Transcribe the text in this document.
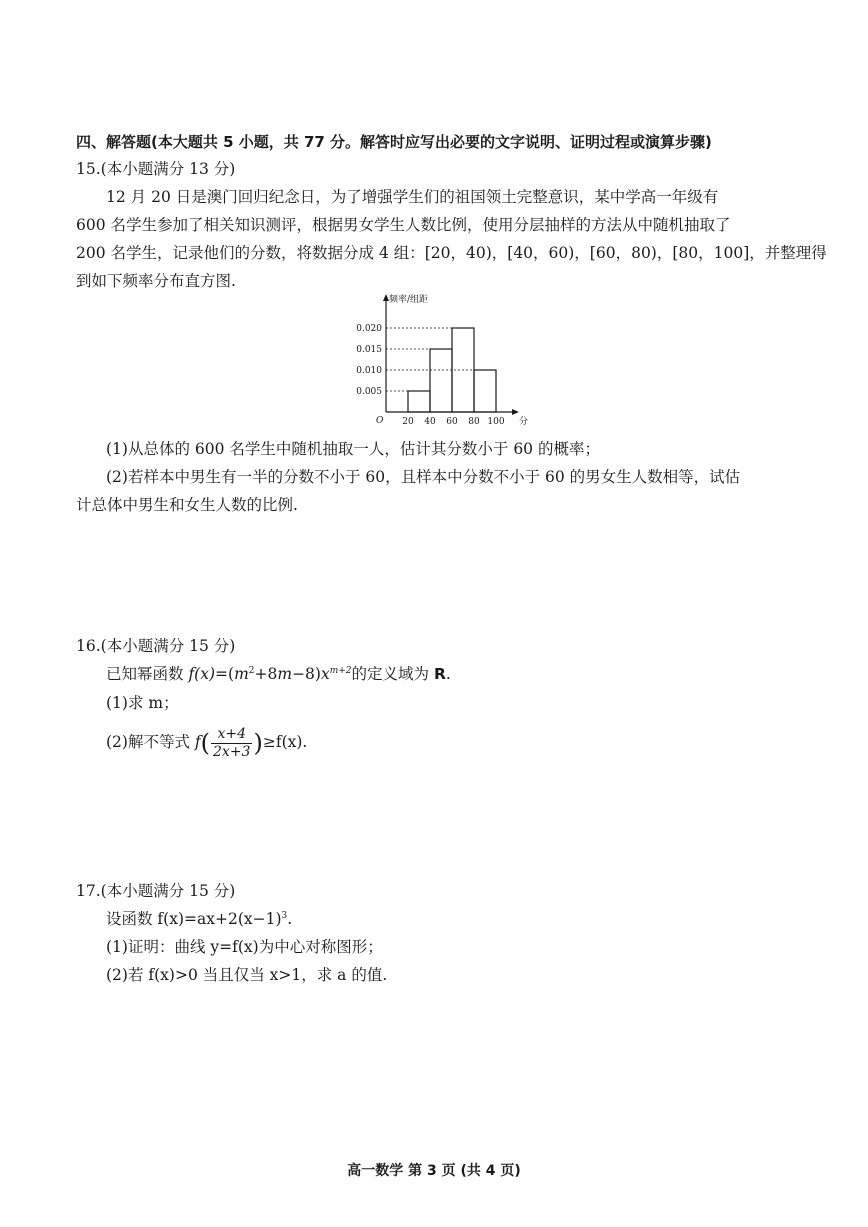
四、解答题(本大题共 5 小题，共 77 分。解答时应写出必要的文字说明、证明过程或演算步骤)
15.(本小题满分 13 分)
12 月 20 日是澳门回归纪念日，为了增强学生们的祖国领土完整意识，某中学高一年级有
600 名学生参加了相关知识测评，根据男女学生人数比例，使用分层抽样的方法从中随机抽取了
200 名学生，记录他们的分数，将数据分成 4 组：[20，40)，[40，60)，[60，80)，[80，100]，并整理得
到如下频率分布直方图.
频率/组距
分
O 20 40 60 80 100
0.005
0.010
0.015
0.020
(1)从总体的 600 名学生中随机抽取一人，估计其分数小于 60 的概率；
(2)若样本中男生有一半的分数不小于 60，且样本中分数不小于 60 的男女生人数相等，试估
计总体中男生和女生人数的比例.
16.(本小题满分 15 分)
已知幂函数 $f(x)=(m^2+8m-8)x^{m+2}$的定义域为 R.
(1)求 m；
(2)解不等式 $f( \frac{x+4}{2x+3} )\ge f(x)$.
17.(本小题满分 15 分)
设函数 $f(x)=ax+2(x-1)^3$.
(1)证明：曲线 y=f(x)为中心对称图形；
(2)若 f(x)>0 当且仅当 x>1，求 a 的值.
高一数学 第 3 页 (共 4 页)
